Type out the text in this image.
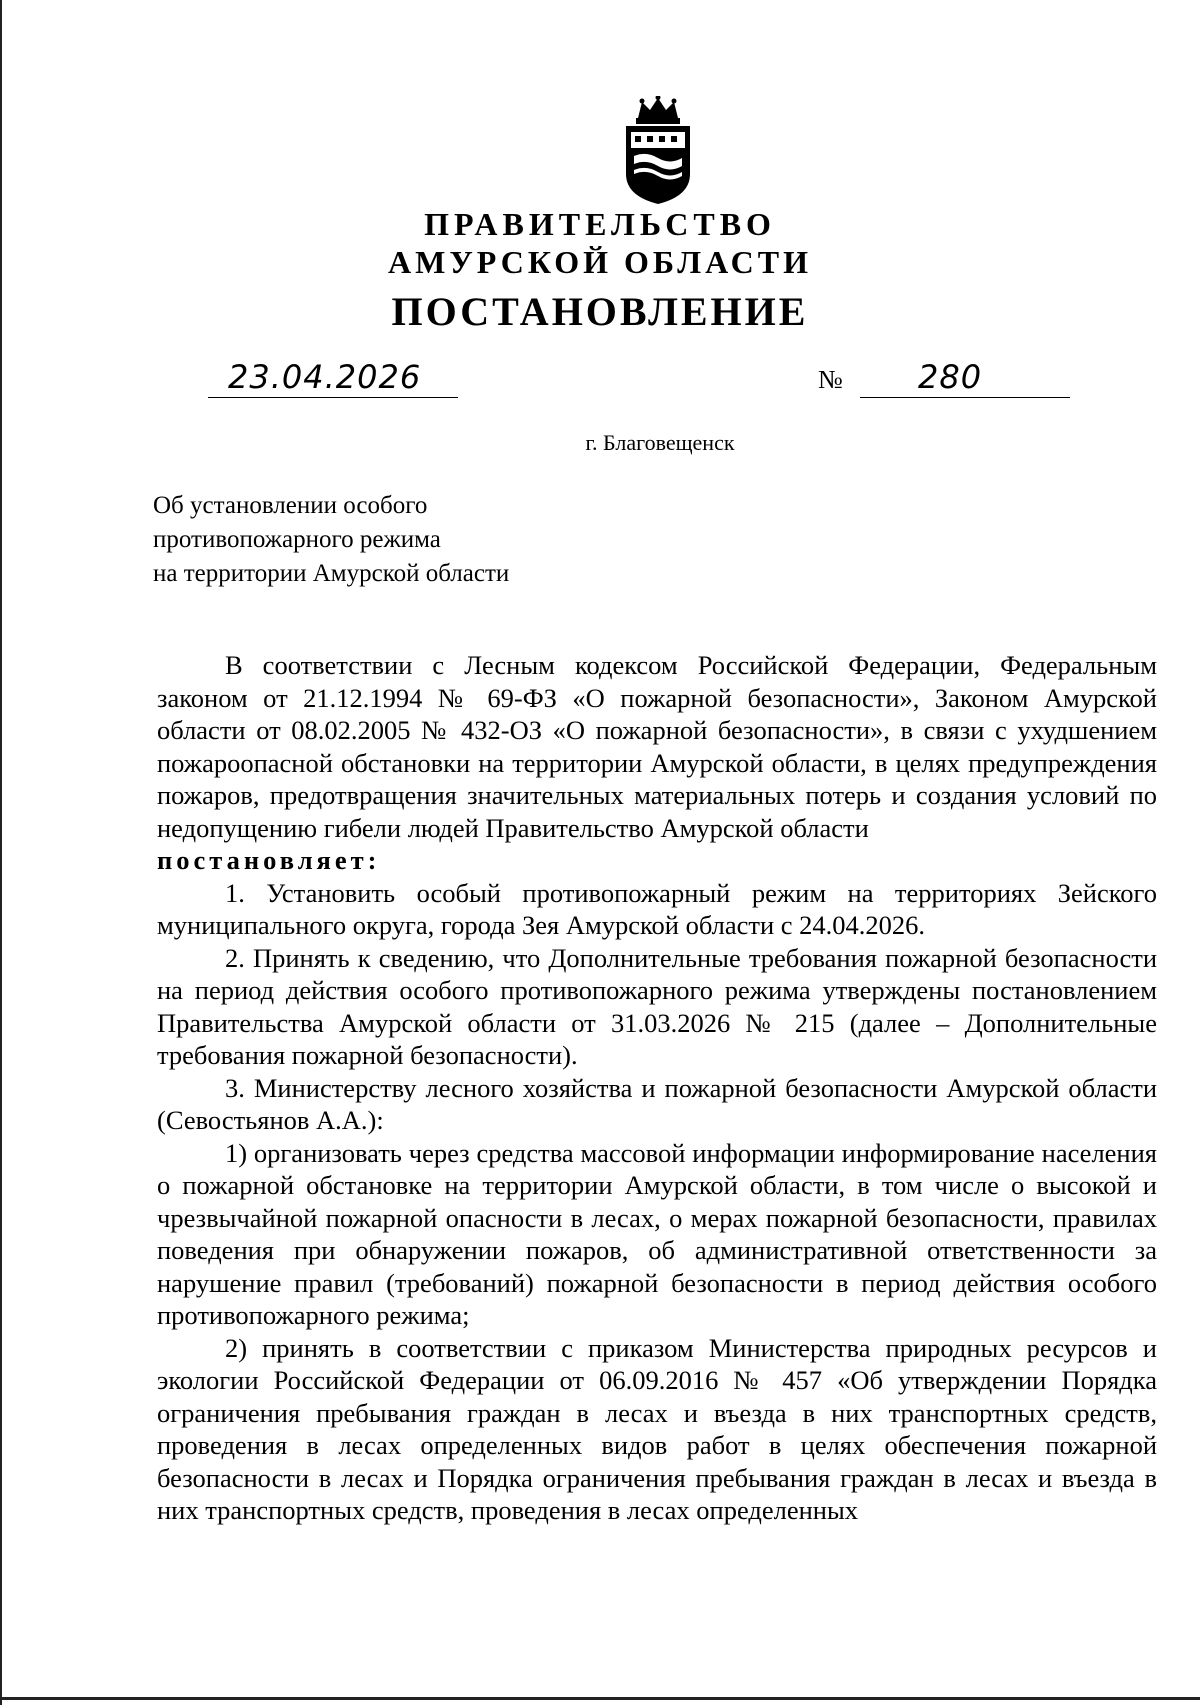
ПРАВИТЕЛЬСТВО
АМУРСКОЙ ОБЛАСТИ
ПОСТАНОВЛЕНИЕ
23.04.2026	№ 280
г. Благовещенск
Об установлении особого
противопожарного режима
на территории Амурской области

В соответствии с Лесным кодексом Российской Федерации, Федеральным законом от 21.12.1994 № 69-ФЗ «О пожарной безопасности», Законом Амурской области от 08.02.2005 № 432-ОЗ «О пожарной безопасности», в связи с ухудшением пожароопасной обстановки на территории Амурской области, в целях предупреждения пожаров, предотвращения значительных материальных потерь и создания условий по недопущению гибели людей Правительство Амурской области

постановляет:

1. Установить особый противопожарный режим на территориях Зейского муниципального округа, города Зея Амурской области с 24.04.2026.

2. Принять к сведению, что Дополнительные требования пожарной безопасности на период действия особого противопожарного режима утверждены постановлением Правительства Амурской области от 31.03.2026 № 215 (далее – Дополнительные требования пожарной безопасности).

3. Министерству лесного хозяйства и пожарной безопасности Амурской области (Севостьянов А.А.):

1) организовать через средства массовой информации информирование населения о пожарной обстановке на территории Амурской области, в том числе о высокой и чрезвычайной пожарной опасности в лесах, о мерах пожарной безопасности, правилах поведения при обнаружении пожаров, об административной ответственности за нарушение правил (требований) пожарной безопасности в период действия особого противопожарного режима;

2) принять в соответствии с приказом Министерства природных ресурсов и экологии Российской Федерации от 06.09.2016 № 457 «Об утверждении Порядка ограничения пребывания граждан в лесах и въезда в них транспортных средств, проведения в лесах определенных видов работ в целях обеспечения пожарной безопасности в лесах и Порядка ограничения пребывания граждан в лесах и въезда в них транспортных средств, проведения в лесах определенных
